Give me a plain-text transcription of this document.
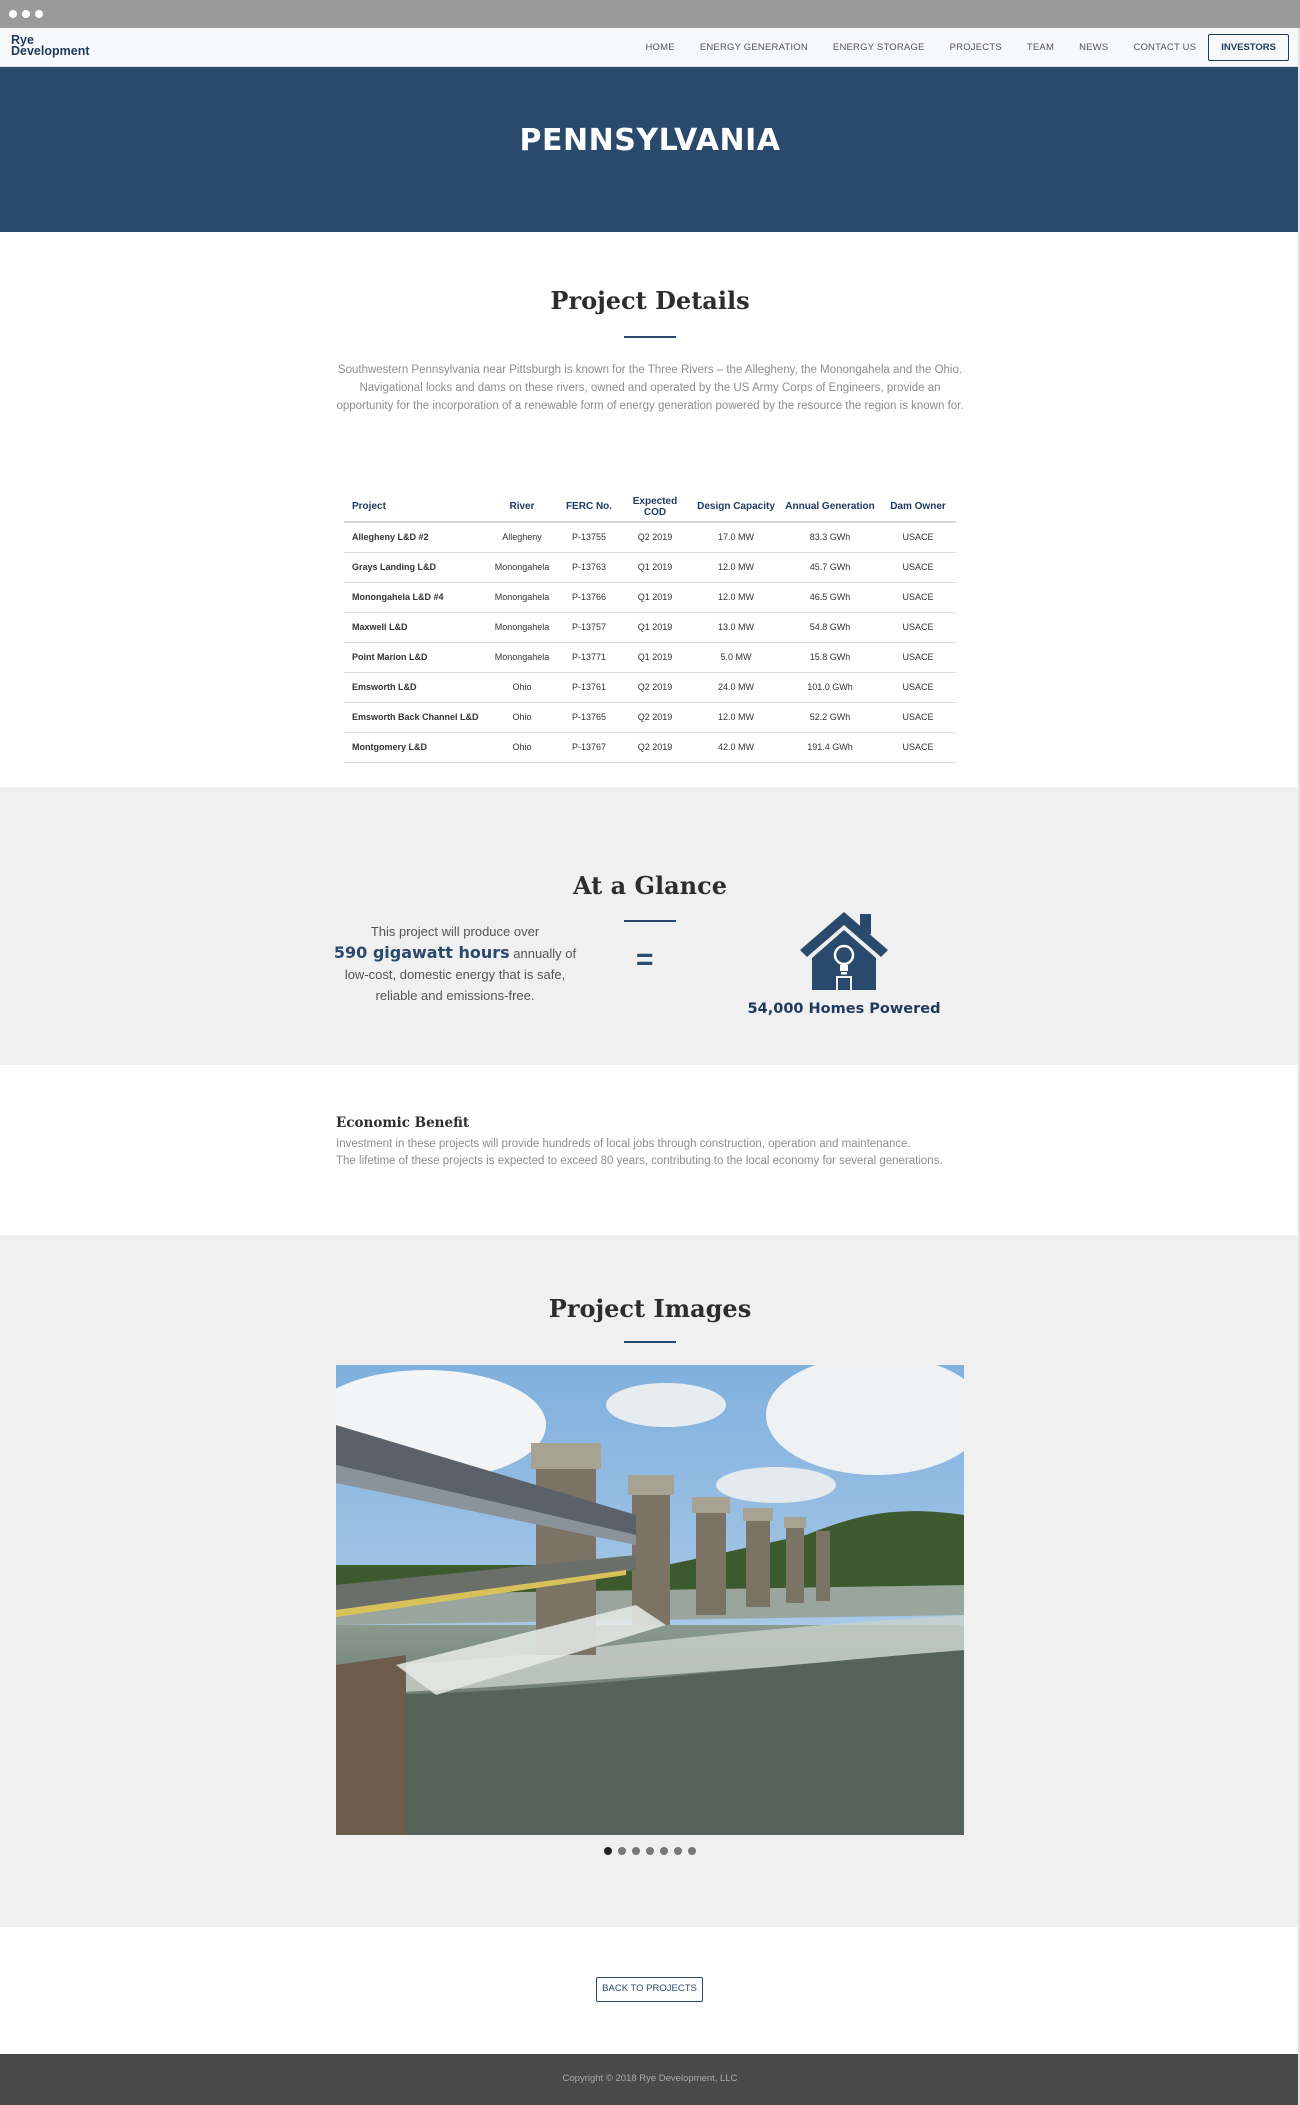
Rye
Development	HOME	ENERGY GENERATION	ENERGY STORAGE	PROJECTS	TEAM	NEWS	CONTACT US	INVESTORS
PENNSYLVANIA
Project Details
Southwestern Pennsylvania near Pittsburgh is known for the Three Rivers – the Allegheny, the Monongahela and the Ohio. Navigational locks and dams on these rivers, owned and operated by the US Army Corps of Engineers, provide an opportunity for the incorporation of a renewable form of energy generation powered by the resource the region is known for.
Project	River	FERC No.	Expected COD	Design Capacity	Annual Generation	Dam Owner
Allegheny L&D #2	Allegheny	P-13755	Q2 2019	17.0 MW	83.3 GWh	USACE
Grays Landing L&D	Monongahela	P-13763	Q1 2019	12.0 MW	45.7 GWh	USACE
Monongahela L&D #4	Monongahela	P-13766	Q1 2019	12.0 MW	46.5 GWh	USACE
Maxwell L&D	Monongahela	P-13757	Q1 2019	13.0 MW	54.8 GWh	USACE
Point Marion L&D	Monongahela	P-13771	Q1 2019	5.0 MW	15.8 GWh	USACE
Emsworth L&D	Ohio	P-13761	Q2 2019	24.0 MW	101.0 GWh	USACE
Emsworth Back Channel L&D	Ohio	P-13765	Q2 2019	12.0 MW	52.2 GWh	USACE
Montgomery L&D	Ohio	P-13767	Q2 2019	42.0 MW	191.4 GWh	USACE
At a Glance
This project will produce over
590 gigawatt hours annually of
low-cost, domestic energy that is safe,
reliable and emissions-free.
=
54,000 Homes Powered
Economic Benefit
Investment in these projects will provide hundreds of local jobs through construction, operation and maintenance.
The lifetime of these projects is expected to exceed 80 years, contributing to the local economy for several generations.
Project Images
BACK TO PROJECTS
Copyright © 2018 Rye Development, LLC
